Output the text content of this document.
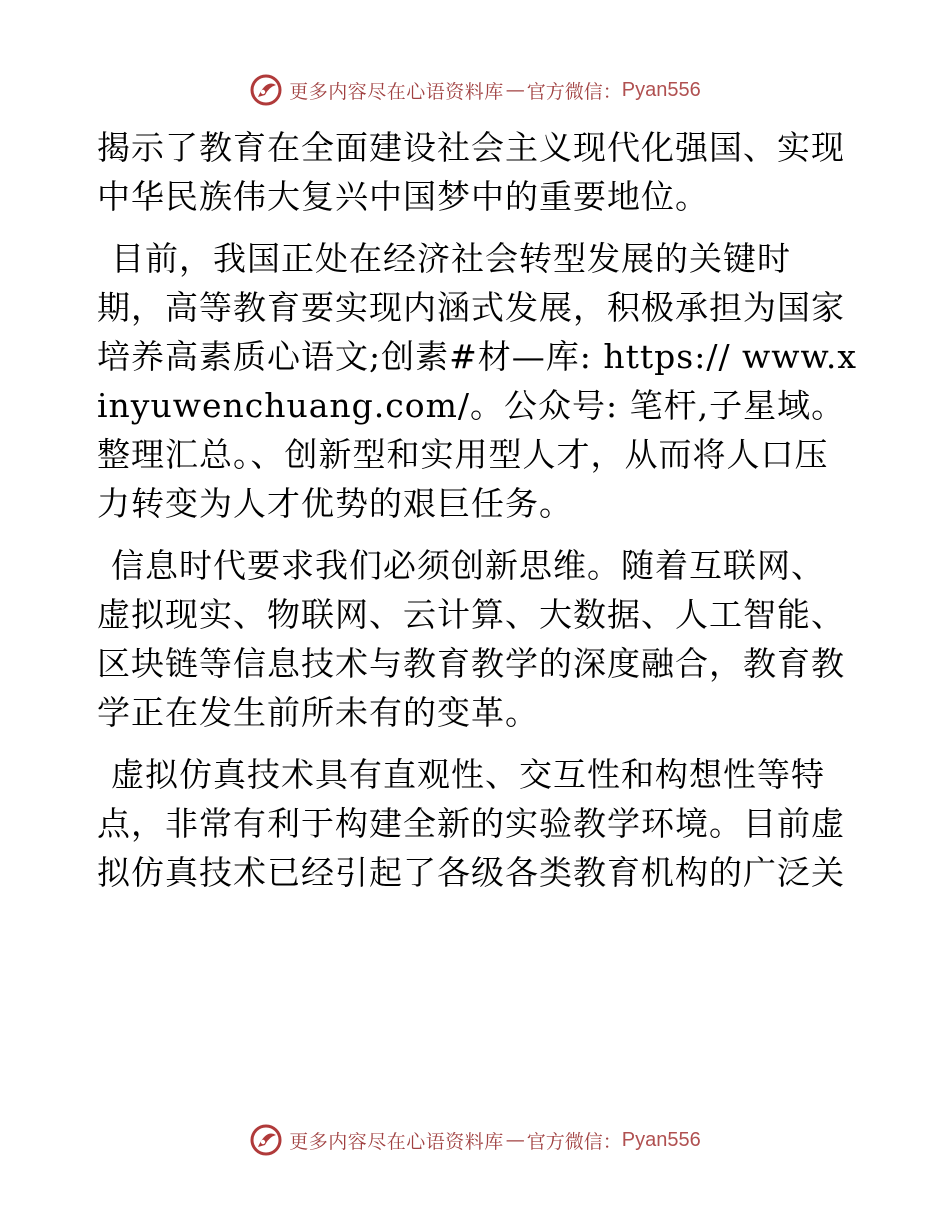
更多内容尽在心语资料库 — 官方微信： Pyan556

揭示了教育在全面建设社会主义现代化强国、实现中华民族伟大复兴中国梦中的重要地位。

目前，我国正处在经济社会转型发展的关键时期，高等教育要实现内涵式发展，积极承担为国家培养高素质心语文;创素#材—库: https:// www.xinyuwenchuang.com/。公众号: 笔杆,子星域。整理汇总。、创新型和实用型人才，从而将人口压力转变为人才优势的艰巨任务。

信息时代要求我们必须创新思维。随着互联网、虚拟现实、物联网、云计算、大数据、人工智能、区块链等信息技术与教育教学的深度融合，教育教学正在发生前所未有的变革。

虚拟仿真技术具有直观性、交互性和构想性等特点，非常有利于构建全新的实验教学环境。目前虚拟仿真技术已经引起了各级各类教育机构的广泛关

更多内容尽在心语资料库 — 官方微信： Pyan556
